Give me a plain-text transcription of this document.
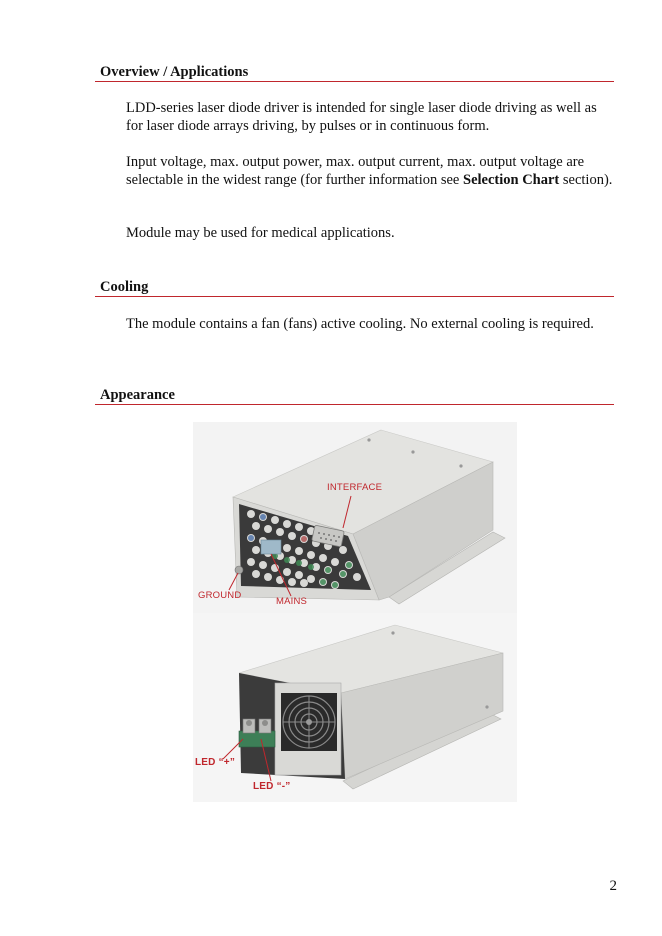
Overview / Applications

LDD-series laser diode driver is intended for single laser diode driving as well as for laser diode arrays driving, by pulses or in continuous form.

Input voltage, max. output power, max. output current, max. output voltage are selectable in the widest range (for further information see Selection Chart section).

Module may be used for medical applications.

Cooling

The module contains a fan (fans) active cooling. No external cooling is required.

Appearance
INTERFACE
GROUND
MAINS
LED “+”
LED “-”
2
